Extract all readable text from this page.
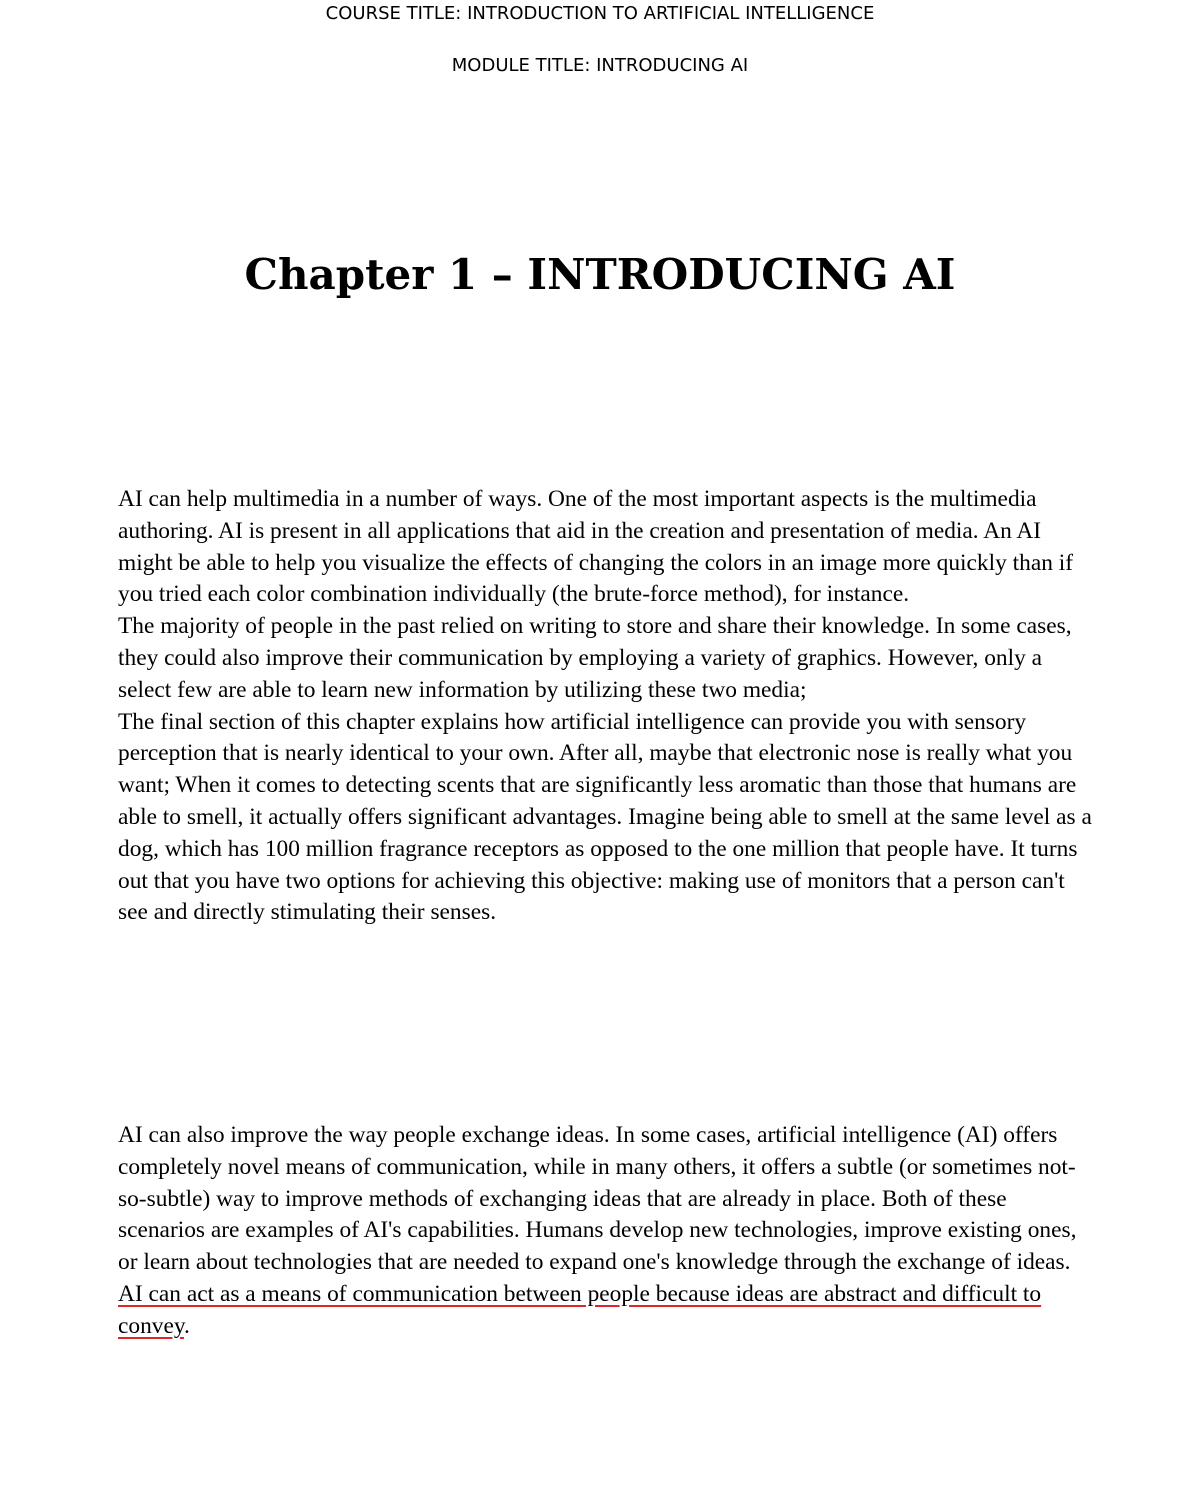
COURSE TITLE: INTRODUCTION TO ARTIFICIAL INTELLIGENCE
MODULE TITLE: INTRODUCING AI
Chapter 1 – INTRODUCING AI

AI can help multimedia in a number of ways. One of the most important aspects is the multimedia authoring. AI is present in all applications that aid in the creation and presentation of media. An AI might be able to help you visualize the effects of changing the colors in an image more quickly than if you tried each color combination individually (the brute-force method), for instance.

The majority of people in the past relied on writing to store and share their knowledge. In some cases, they could also improve their communication by employing a variety of graphics. However, only a select few are able to learn new information by utilizing these two media;

The final section of this chapter explains how artificial intelligence can provide you with sensory perception that is nearly identical to your own. After all, maybe that electronic nose is really what you want; When it comes to detecting scents that are significantly less aromatic than those that humans are able to smell, it actually offers significant advantages. Imagine being able to smell at the same level as a dog, which has 100 million fragrance receptors as opposed to the one million that people have. It turns out that you have two options for achieving this objective: making use of monitors that a person can't see and directly stimulating their senses.

AI can also improve the way people exchange ideas. In some cases, artificial intelligence (AI) offers completely novel means of communication, while in many others, it offers a subtle (or sometimes not-so-subtle) way to improve methods of exchanging ideas that are already in place. Both of these scenarios are examples of AI's capabilities. Humans develop new technologies, improve existing ones, or learn about technologies that are needed to expand one's knowledge through the exchange of ideas. AI can act as a means of communication between people because ideas are abstract and difficult to convey.
